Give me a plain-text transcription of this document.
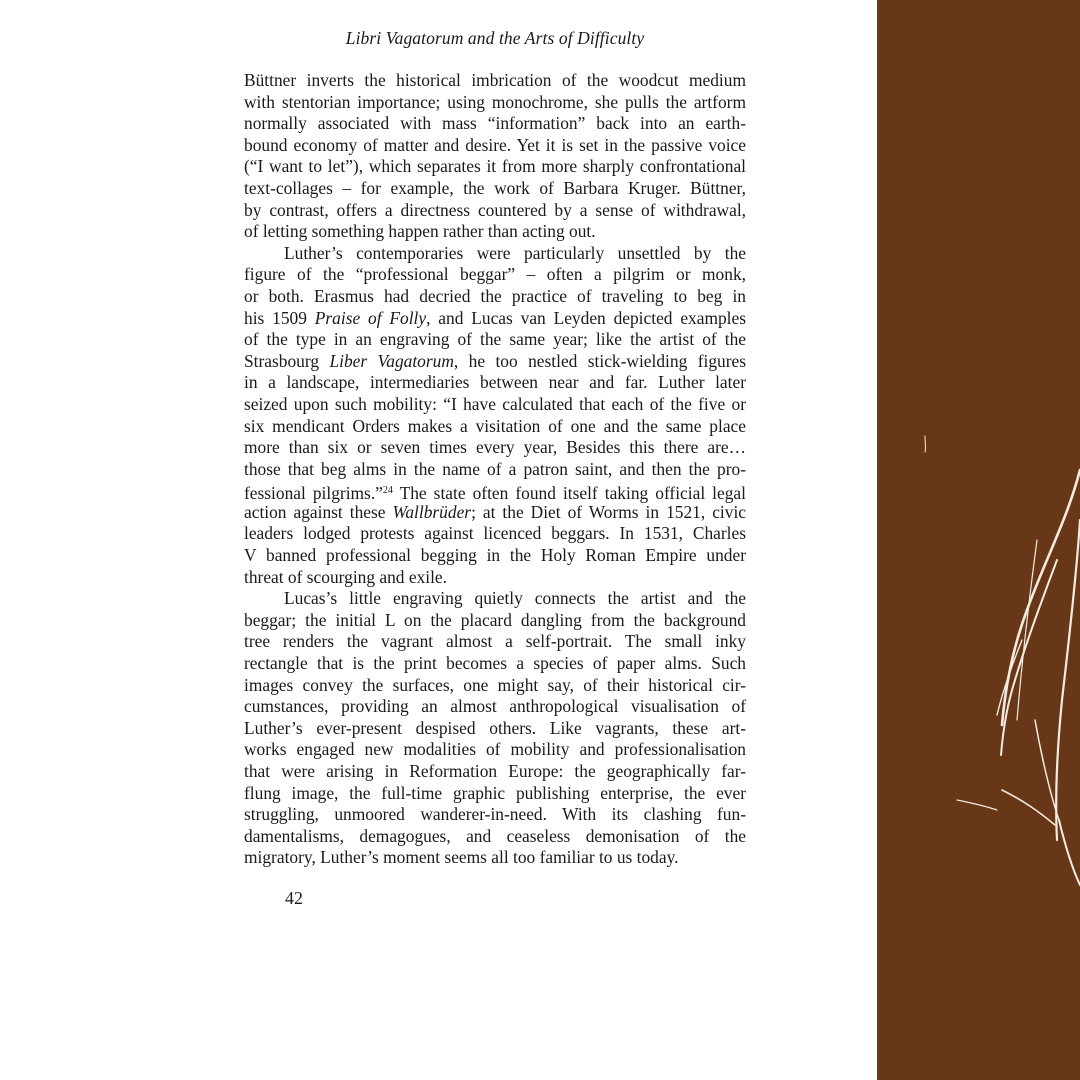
Libri Vagatorum and the Arts of Difficulty
Büttner inverts the historical imbrication of the woodcut medium
with stentorian importance; using monochrome, she pulls the artform
normally associated with mass “information” back into an earth-
bound economy of matter and desire. Yet it is set in the passive voice
(“I want to let”), which separates it from more sharply confrontational
text-collages – for example, the work of Barbara Kruger. Büttner,
by contrast, offers a directness countered by a sense of withdrawal,
of letting something happen rather than acting out.
Luther’s contemporaries were particularly unsettled by the
figure of the “professional beggar” – often a pilgrim or monk,
or both. Erasmus had decried the practice of traveling to beg in
his 1509 Praise of Folly, and Lucas van Leyden depicted examples
of the type in an engraving of the same year; like the artist of the
Strasbourg Liber Vagatorum, he too nestled stick-wielding figures
in a landscape, intermediaries between near and far. Luther later
seized upon such mobility: “I have calculated that each of the five or
six mendicant Orders makes a visitation of one and the same place
more than six or seven times every year, Besides this there are…
those that beg alms in the name of a patron saint, and then the pro-
fessional pilgrims.”$^{24}$ The state often found itself taking official legal
action against these Wallbrüder; at the Diet of Worms in 1521, civic
leaders lodged protests against licenced beggars. In 1531, Charles
V banned professional begging in the Holy Roman Empire under
threat of scourging and exile.
Lucas’s little engraving quietly connects the artist and the
beggar; the initial L on the placard dangling from the background
tree renders the vagrant almost a self-portrait. The small inky
rectangle that is the print becomes a species of paper alms. Such
images convey the surfaces, one might say, of their historical cir-
cumstances, providing an almost anthropological visualisation of
Luther’s ever-present despised others. Like vagrants, these art-
works engaged new modalities of mobility and professionalisation
that were arising in Reformation Europe: the geographically far-
flung image, the full-time graphic publishing enterprise, the ever
struggling, unmoored wanderer-in-need. With its clashing fun-
damentalisms, demagogues, and ceaseless demonisation of the
migratory, Luther’s moment seems all too familiar to us today.
42
